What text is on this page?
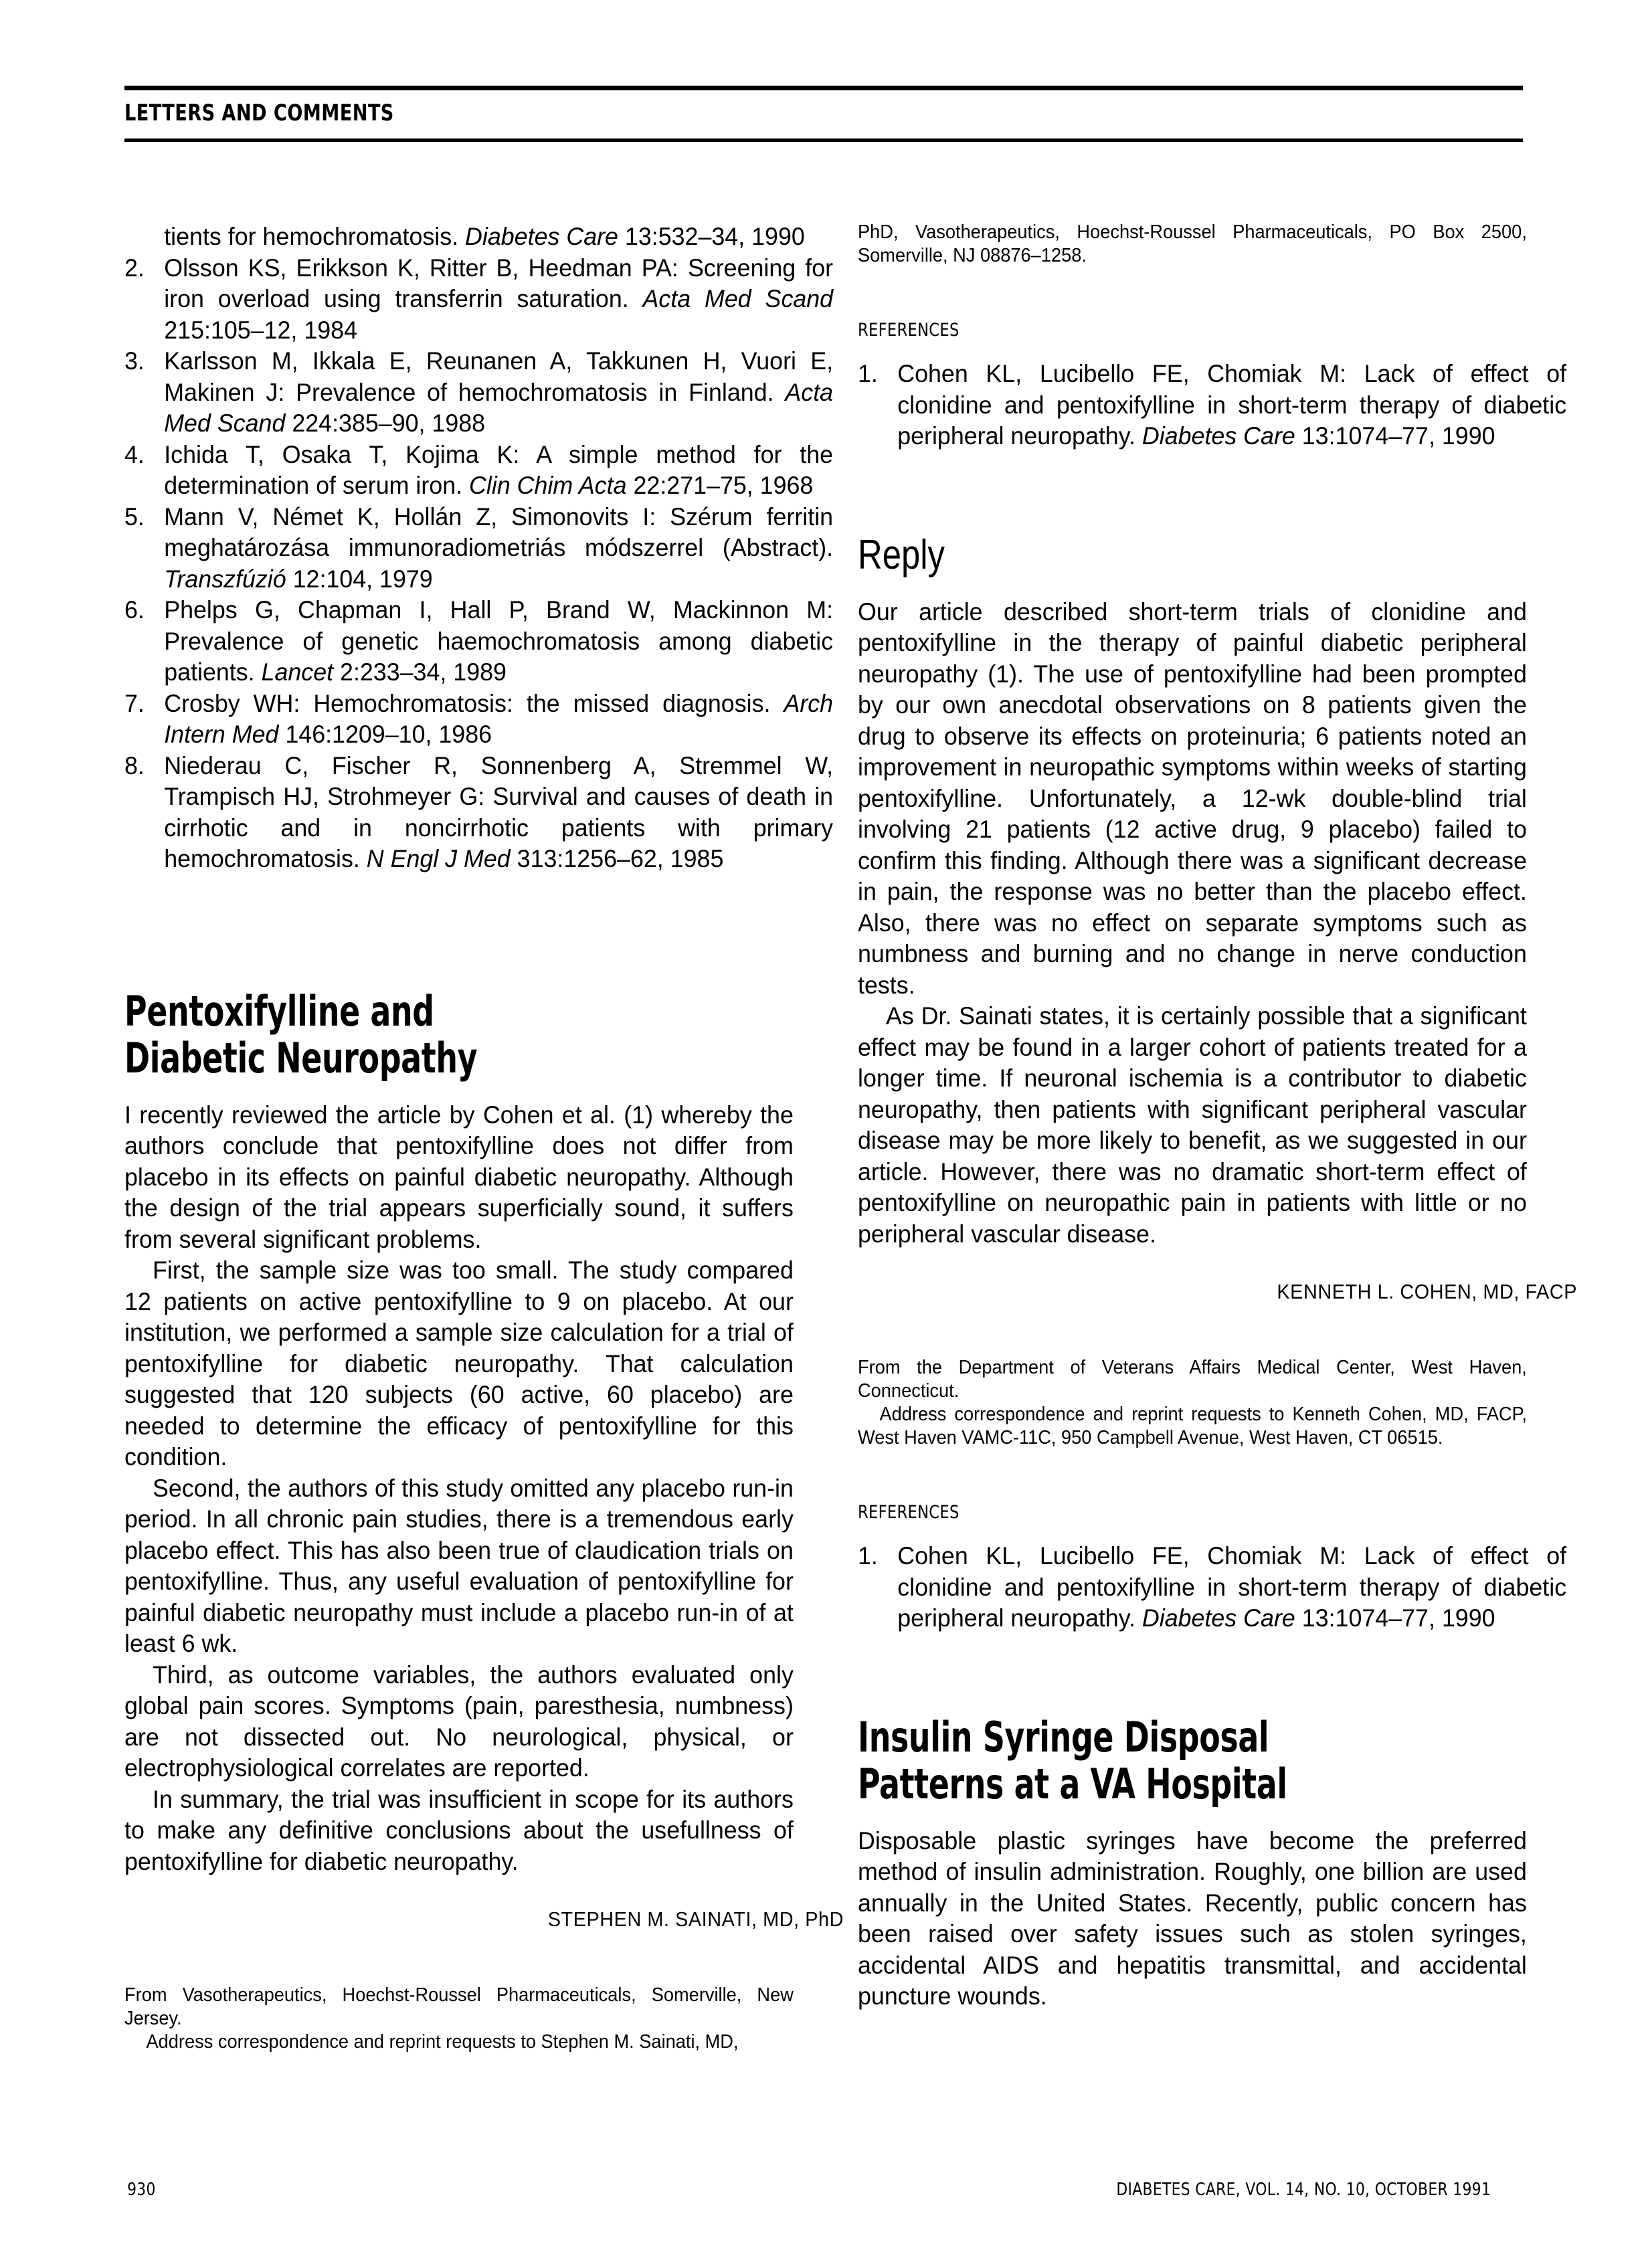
LETTERS AND COMMENTS
tients for hemochromatosis. Diabetes Care 13:532–34, 1990
2. Olsson KS, Erikkson K, Ritter B, Heedman PA: Screening for iron overload using transferrin saturation. Acta Med Scand 215:105–12, 1984
3. Karlsson M, Ikkala E, Reunanen A, Takkunen H, Vuori E, Makinen J: Prevalence of hemochromatosis in Finland. Acta Med Scand 224:385–90, 1988
4. Ichida T, Osaka T, Kojima K: A simple method for the determination of serum iron. Clin Chim Acta 22:271–75, 1968
5. Mann V, Német K, Hollán Z, Simonovits I: Szérum ferritin meghatározása immunoradiometriás módszerrel (Abstract). Transzfúzió 12:104, 1979
6. Phelps G, Chapman I, Hall P, Brand W, Mackinnon M: Prevalence of genetic haemochromatosis among diabetic patients. Lancet 2:233–34, 1989
7. Crosby WH: Hemochromatosis: the missed diagnosis. Arch Intern Med 146:1209–10, 1986
8. Niederau C, Fischer R, Sonnenberg A, Stremmel W, Trampisch HJ, Strohmeyer G: Survival and causes of death in cirrhotic and in noncirrhotic patients with primary hemochromatosis. N Engl J Med 313:1256–62, 1985
Pentoxifylline and
Diabetic Neuropathy

I recently reviewed the article by Cohen et al. (1) whereby the authors conclude that pentoxifylline does not differ from placebo in its effects on painful diabetic neuropathy. Although the design of the trial appears superficially sound, it suffers from several significant problems.

First, the sample size was too small. The study compared 12 patients on active pentoxifylline to 9 on placebo. At our institution, we performed a sample size calculation for a trial of pentoxifylline for diabetic neuropathy. That calculation suggested that 120 subjects (60 active, 60 placebo) are needed to determine the efficacy of pentoxifylline for this condition.

Second, the authors of this study omitted any placebo run-in period. In all chronic pain studies, there is a tremendous early placebo effect. This has also been true of claudication trials on pentoxifylline. Thus, any useful evaluation of pentoxifylline for painful diabetic neuropathy must include a placebo run-in of at least 6 wk.

Third, as outcome variables, the authors evaluated only global pain scores. Symptoms (pain, paresthesia, numbness) are not dissected out. No neurological, physical, or electrophysiological correlates are reported.

In summary, the trial was insufficient in scope for its authors to make any definitive conclusions about the usefullness of pentoxifylline for diabetic neuropathy.

STEPHEN M. SAINATI, MD, PhD

From Vasotherapeutics, Hoechst-Roussel Pharmaceuticals, Somerville, New Jersey.

Address correspondence and reprint requests to Stephen M. Sainati, MD,

PhD, Vasotherapeutics, Hoechst-Roussel Pharmaceuticals, PO Box 2500, Somerville, NJ 08876–1258.

REFERENCES

1. Cohen KL, Lucibello FE, Chomiak M: Lack of effect of clonidine and pentoxifylline in short-term therapy of diabetic peripheral neuropathy. Diabetes Care 13:1074–77, 1990
Reply

Our article described short-term trials of clonidine and pentoxifylline in the therapy of painful diabetic peripheral neuropathy (1). The use of pentoxifylline had been prompted by our own anecdotal observations on 8 patients given the drug to observe its effects on proteinuria; 6 patients noted an improvement in neuropathic symptoms within weeks of starting pentoxifylline. Unfortunately, a 12-wk double-blind trial involving 21 patients (12 active drug, 9 placebo) failed to confirm this finding. Although there was a significant decrease in pain, the response was no better than the placebo effect. Also, there was no effect on separate symptoms such as numbness and burning and no change in nerve conduction tests.

As Dr. Sainati states, it is certainly possible that a significant effect may be found in a larger cohort of patients treated for a longer time. If neuronal ischemia is a contributor to diabetic neuropathy, then patients with significant peripheral vascular disease may be more likely to benefit, as we suggested in our article. However, there was no dramatic short-term effect of pentoxifylline on neuropathic pain in patients with little or no peripheral vascular disease.

KENNETH L. COHEN, MD, FACP

From the Department of Veterans Affairs Medical Center, West Haven, Connecticut.

Address correspondence and reprint requests to Kenneth Cohen, MD, FACP, West Haven VAMC-11C, 950 Campbell Avenue, West Haven, CT 06515.

REFERENCES

1. Cohen KL, Lucibello FE, Chomiak M: Lack of effect of clonidine and pentoxifylline in short-term therapy of diabetic peripheral neuropathy. Diabetes Care 13:1074–77, 1990
Insulin Syringe Disposal
Patterns at a VA Hospital

Disposable plastic syringes have become the preferred method of insulin administration. Roughly, one billion are used annually in the United States. Recently, public concern has been raised over safety issues such as stolen syringes, accidental AIDS and hepatitis transmittal, and accidental puncture wounds.

930	DIABETES CARE, VOL. 14, NO. 10, OCTOBER 1991
